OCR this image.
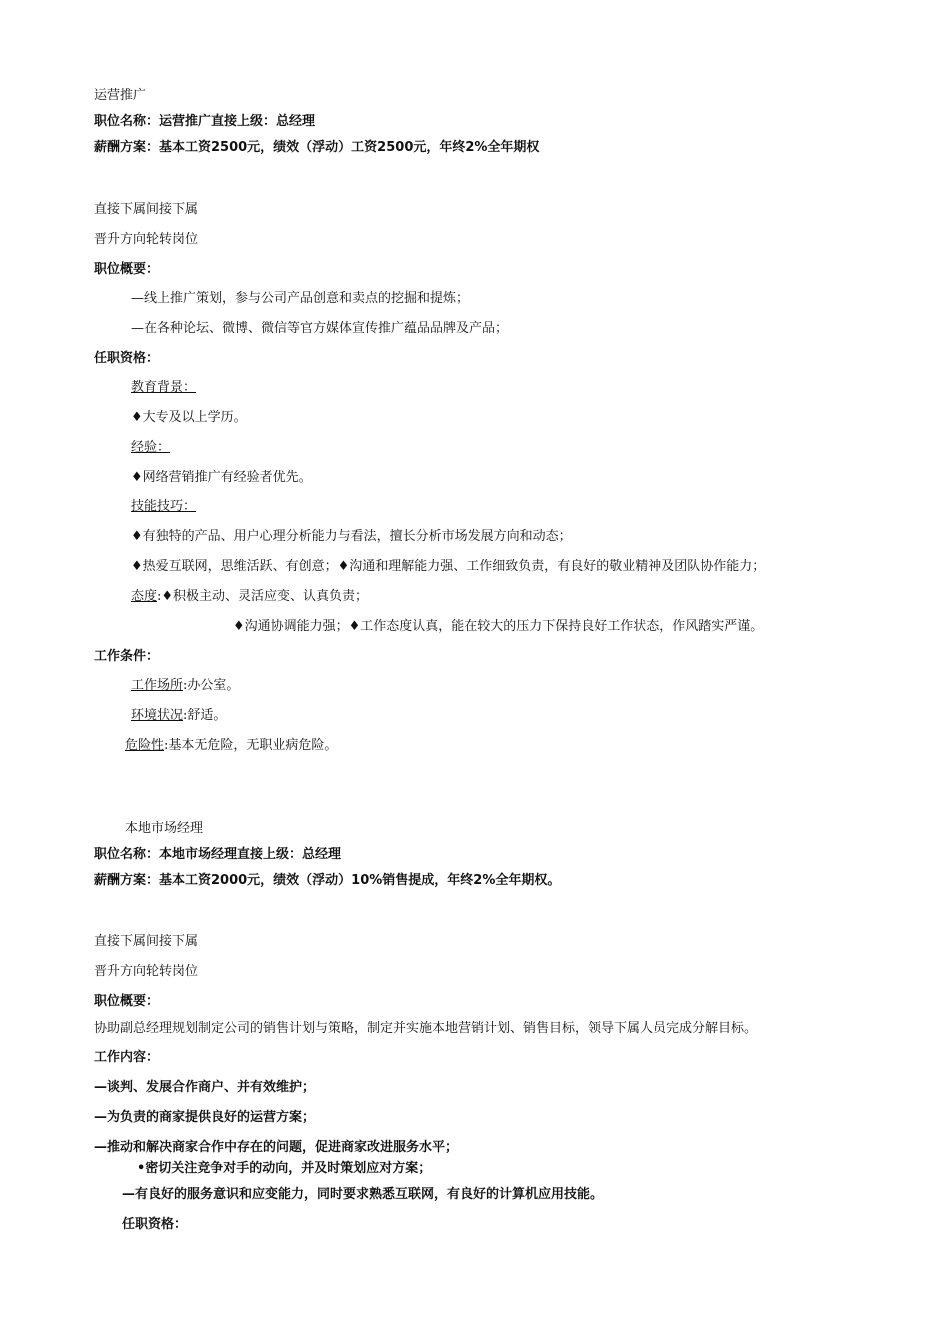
运营推广
职位名称：运营推广直接上级：总经理
薪酬方案：基本工资2500元，绩效（浮动）工资2500元，年终2%全年期权
直接下属间接下属
晋升方向轮转岗位
职位概要：
—线上推广策划，参与公司产品创意和卖点的挖掘和提炼；
—在各种论坛、微博、微信等官方媒体宣传推广蕴品品牌及产品；
任职资格：
教育背景：
♦大专及以上学历。
经验：
♦网络营销推广有经验者优先。
技能技巧：
♦有独特的产品、用户心理分析能力与看法，擅长分析市场发展方向和动态；
♦热爱互联网，思维活跃、有创意；♦沟通和理解能力强、工作细致负责，有良好的敬业精神及团队协作能力；
态度:♦积极主动、灵活应变、认真负责；
♦沟通协调能力强；♦工作态度认真，能在较大的压力下保持良好工作状态，作风踏实严谨。
工作条件：
工作场所:办公室。
环境状况:舒适。
危险性:基本无危险，无职业病危险。
本地市场经理
职位名称：本地市场经理直接上级：总经理
薪酬方案：基本工资2000元，绩效（浮动）10%销售提成，年终2%全年期权。
直接下属间接下属
晋升方向轮转岗位
职位概要：
协助副总经理规划制定公司的销售计划与策略，制定并实施本地营销计划、销售目标，领导下属人员完成分解目标。
工作内容：
—谈判、发展合作商户、并有效维护；
—为负责的商家提供良好的运营方案；
—推动和解决商家合作中存在的问题，促进商家改进服务水平；
•密切关注竞争对手的动向，并及时策划应对方案；
—有良好的服务意识和应变能力，同时要求熟悉互联网，有良好的计算机应用技能。
任职资格：
